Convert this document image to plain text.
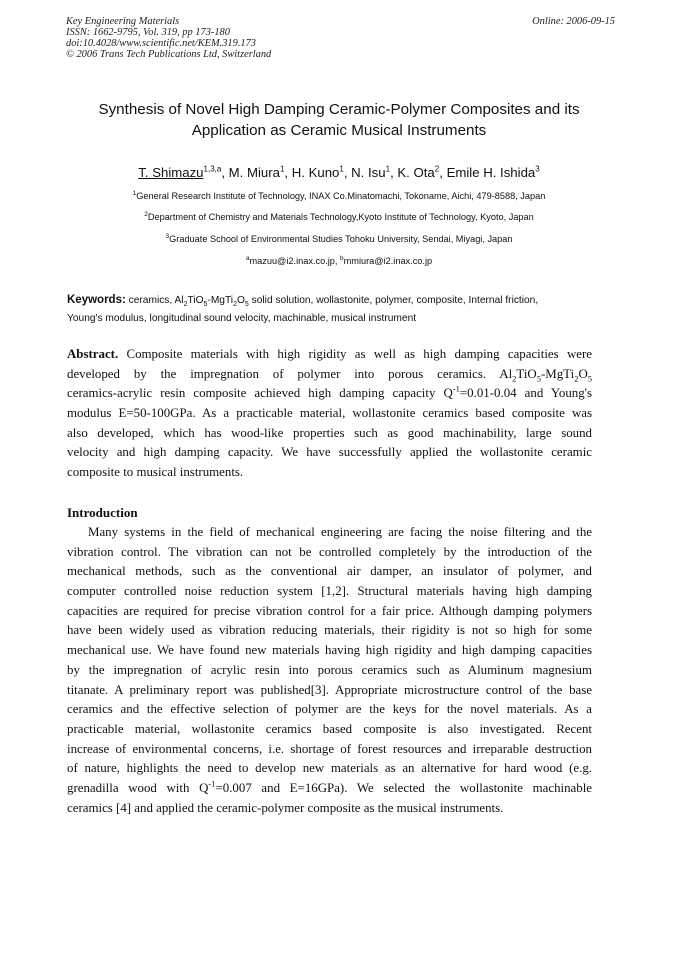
Key Engineering Materials
ISSN: 1662-9795, Vol. 319, pp 173-180
doi:10.4028/www.scientific.net/KEM.319.173
© 2006 Trans Tech Publications Ltd, Switzerland
Online: 2006-09-15
Synthesis of Novel High Damping Ceramic-Polymer Composites and its
Application as Ceramic Musical Instruments
T. Shimazu$^{1,3,a}$, M. Miura$^1$, H. Kuno$^1$, N. Isu$^1$, K. Ota$^2$, Emile H. Ishida$^3$
$^1$General Research Institute of Technology, INAX Co.Minatomachi, Tokoname, Aichi, 479-8588, Japan
$^2$Department of Chemistry and Materials Technology,Kyoto Institute of Technology, Kyoto, Japan
$^3$Graduate School of Environmental Studies Tohoku University, Sendai, Miyagi, Japan
$^a$mazuu@i2.inax.co.jp, $^b$mmiura@i2.inax.co.jp
Keywords: ceramics, $Al_2TiO_5-MgTi_2O_5$ solid solution, wollastonite, polymer, composite, Internal friction,
Young's modulus, longitudinal sound velocity, machinable, musical instrument
Abstract. Composite materials with high rigidity as well as high damping capacities were
developed by the impregnation of polymer into porous ceramics. $Al_2TiO_5-MgTi_2O_5$
ceramics-acrylic resin composite achieved high damping capacity $Q^{-1}=0.01-0.04$ and Young's
modulus E=50-100GPa. As a practicable material, wollastonite ceramics based composite was
also developed, which has wood-like properties such as good machinability, large sound
velocity and high damping capacity. We have successfully applied the wollastonite ceramic
composite to musical instruments.
Introduction
Many systems in the field of mechanical engineering are facing the noise filtering and the
vibration control. The vibration can not be controlled completely by the introduction of the
mechanical methods, such as the conventional air damper, an insulator of polymer, and
computer controlled noise reduction system [1,2]. Structural materials having high damping
capacities are required for precise vibration control for a fair price. Although damping polymers
have been widely used as vibration reducing materials, their rigidity is not so high for some
mechanical use. We have found new materials having high rigidity and high damping capacities
by the impregnation of acrylic resin into porous ceramics such as Aluminum magnesium
titanate. A preliminary report was published[3]. Appropriate microstructure control of the base
ceramics and the effective selection of polymer are the keys for the novel materials. As a
practicable material, wollastonite ceramics based composite is also investigated. Recent
increase of environmental concerns, i.e. shortage of forest resources and irreparable destruction
of nature, highlights the need to develop new materials as an alternative for hard wood (e.g.
grenadilla wood with $Q^{-1}=0.007$ and E=16GPa). We selected the wollastonite machinable
ceramics [4] and applied the ceramic-polymer composite as the musical instruments.
